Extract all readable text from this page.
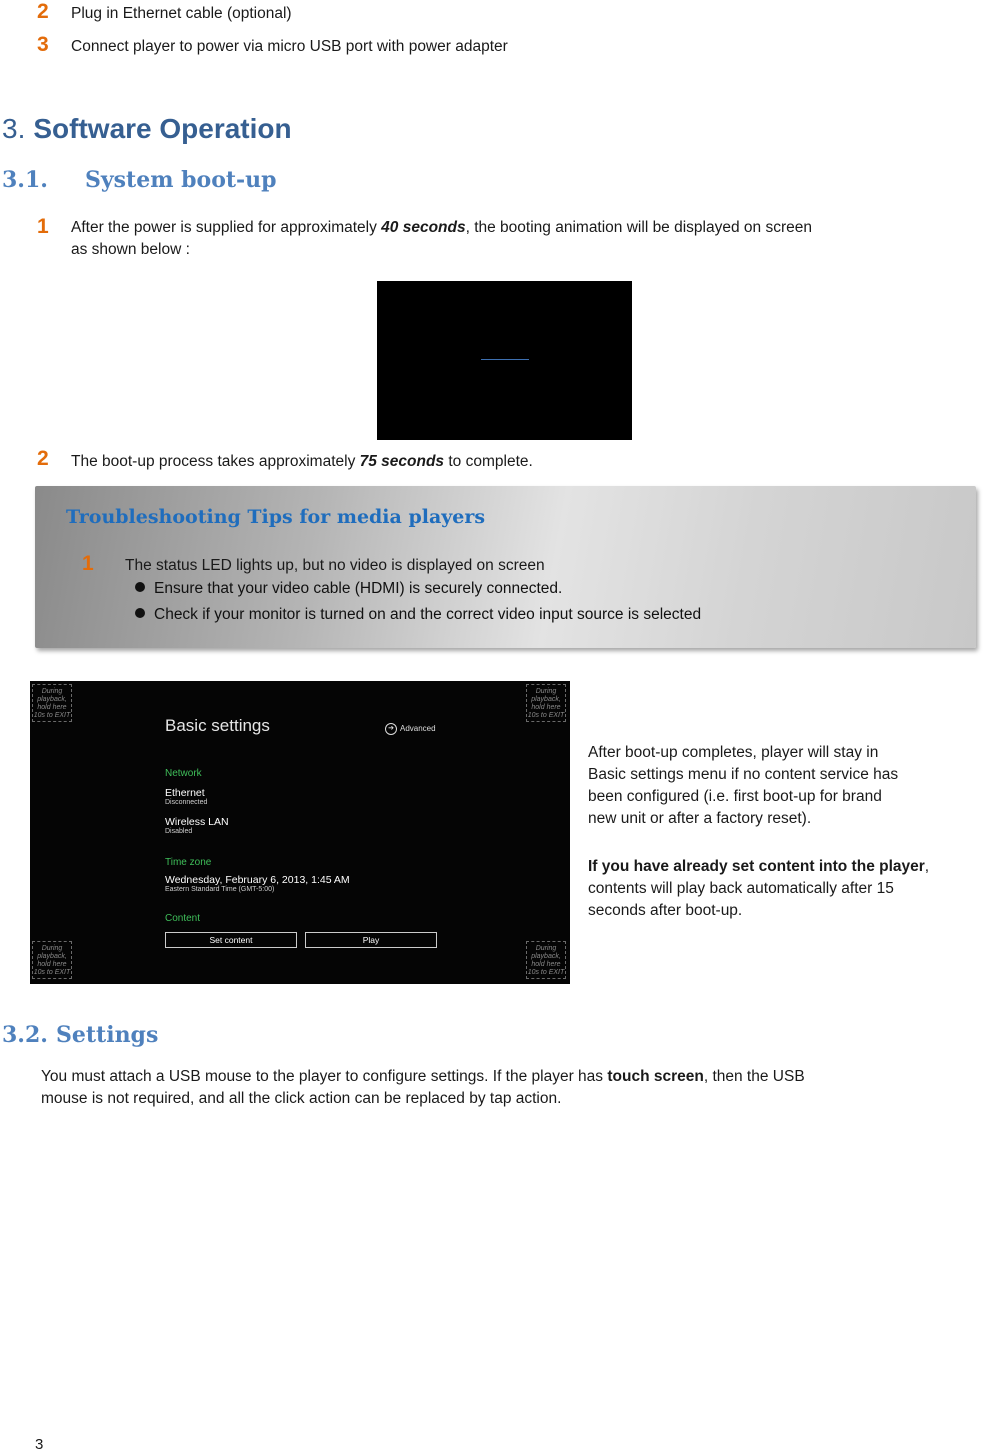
2 Plug in Ethernet cable (optional)
3 Connect player to power via micro USB port with power adapter
3. Software Operation
3.1. System boot-up
1 After the power is supplied for approximately 40 seconds, the booting animation will be displayed on screen
as shown below :
2 The boot-up process takes approximately 75 seconds to complete.
Troubleshooting Tips for media players
1 The status LED lights up, but no video is displayed on screen
Ensure that your video cable (HDMI) is securely connected.
Check if your monitor is turned on and the correct video input source is selected
During
playback,
hold here
10s to EXIT
During
playback,
hold here
10s to EXIT
During
playback,
hold here
10s to EXIT
During
playback,
hold here
10s to EXIT
Basic settings	➔ Advanced
Network
Ethernet
Disconnected
Wireless LAN
Disabled
Time zone
Wednesday, February 6, 2013, 1:45 AM
Eastern Standard Time (GMT-5:00)
Content
Set content	Play
After boot-up completes, player will stay in
Basic settings menu if no content service has
been configured (i.e. first boot-up for brand
new unit or after a factory reset).
If you have already set content into the player,
contents will play back automatically after 15
seconds after boot-up.
3.2. Settings
You must attach a USB mouse to the player to configure settings. If the player has touch screen, then the USB
mouse is not required, and all the click action can be replaced by tap action.
3
